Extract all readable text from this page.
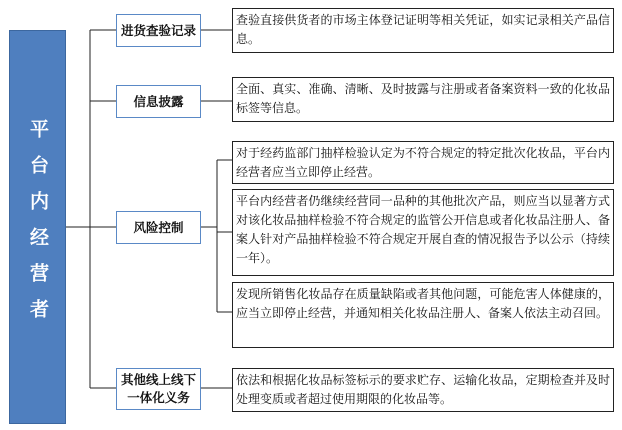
平台内经营者
进货查验记录
信息披露
风险控制
其他线上线下一体化义务
查验直接供货者的市场主体登记证明等相关凭证，如实记录相关产品信息。
全面、真实、准确、清晰、及时披露与注册或者备案资料一致的化妆品标签等信息。
对于经药监部门抽样检验认定为不符合规定的特定批次化妆品，平台内经营者应当立即停止经营。
平台内经营者仍继续经营同一品种的其他批次产品，则应当以显著方式对该化妆品抽样检验不符合规定的监管公开信息或者化妆品注册人、备案人针对产品抽样检验不符合规定开展自查的情况报告予以公示（持续一年）。
发现所销售化妆品存在质量缺陷或者其他问题，可能危害人体健康的，应当立即停止经营，并通知相关化妆品注册人、备案人依法主动召回。
依法和根据化妆品标签标示的要求贮存、运输化妆品，定期检查并及时处理变质或者超过使用期限的化妆品等。
